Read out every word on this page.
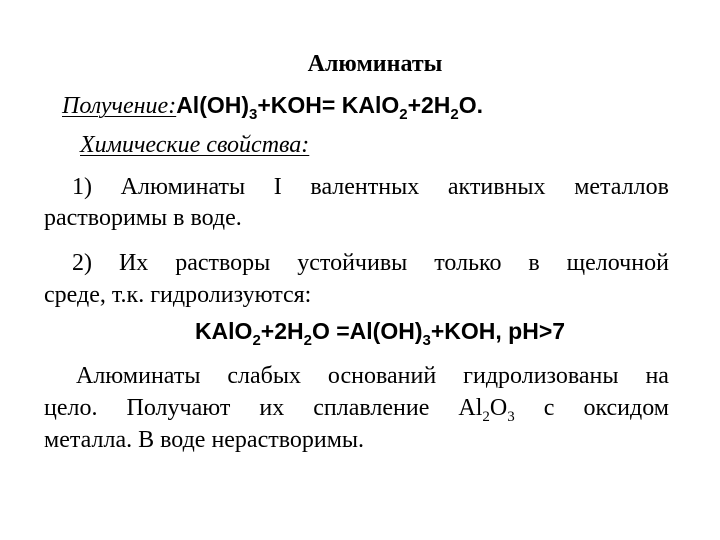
Алюминаты
$Получение:Al(OH)_3+KOH=$ $KAlO_2+2H_2O$.
Химические свойства:
1) Алюминаты I валентных активных металлов
растворимы в воде.
2) Их растворы устойчивы только в щелочной
среде, т.к. гидролизуются:
$KAlO_2+2H_2O =Al(OH)_3+KOH$, pH>7
Алюминаты слабых оснований гидролизованы на
цело. Получают их сплавление $Al_2O_3$ с оксидом
металла. В воде нерастворимы.
